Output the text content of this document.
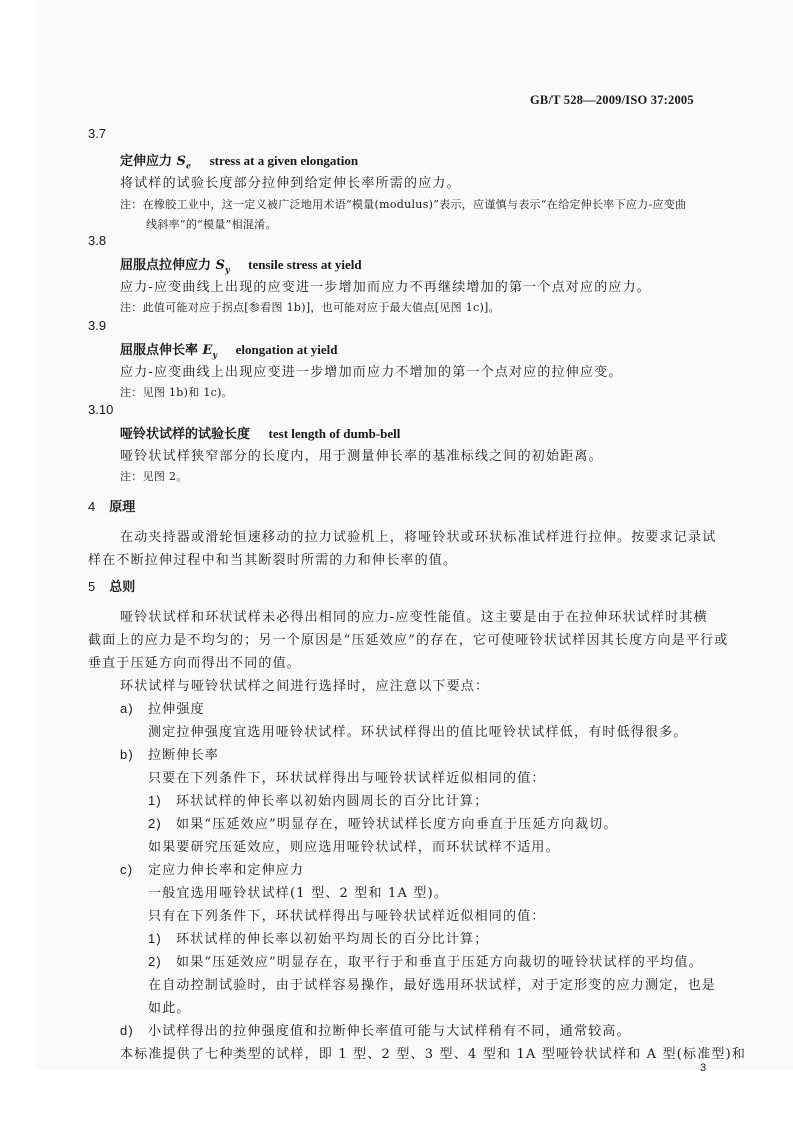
GB/T 528—2009/ISO 37:2005
3.7
定伸应力 $S_e$ stress at a given elongation
将试样的试验长度部分拉伸到给定伸长率所需的应力。
注：在橡胶工业中，这一定义被广泛地用术语“模量(modulus)”表示，应谨慎与表示“在给定伸长率下应力-应变曲
线斜率”的“模量”相混淆。
3.8
屈服点拉伸应力 $S_y$ tensile stress at yield
应力-应变曲线上出现的应变进一步增加而应力不再继续增加的第一个点对应的应力。
注：此值可能对应于拐点[参看图 1b)]，也可能对应于最大值点[见图 1c)]。
3.9
屈服点伸长率 $E_y$ elongation at yield
应力-应变曲线上出现应变进一步增加而应力不增加的第一个点对应的拉伸应变。
注：见图 1b)和 1c)。
3.10
哑铃状试样的试验长度 test length of dumb-bell
哑铃状试样狭窄部分的长度内，用于测量伸长率的基准标线之间的初始距离。
注：见图 2。
4 原理
在动夹持器或滑轮恒速移动的拉力试验机上，将哑铃状或环状标准试样进行拉伸。按要求记录试
样在不断拉伸过程中和当其断裂时所需的力和伸长率的值。
5 总则
哑铃状试样和环状试样未必得出相同的应力-应变性能值。这主要是由于在拉伸环状试样时其横
截面上的应力是不均匀的；另一个原因是“压延效应”的存在，它可使哑铃状试样因其长度方向是平行或
垂直于压延方向而得出不同的值。
环状试样与哑铃状试样之间进行选择时，应注意以下要点：
a) 拉伸强度
测定拉伸强度宜选用哑铃状试样。环状试样得出的值比哑铃状试样低，有时低得很多。
b) 拉断伸长率
只要在下列条件下，环状试样得出与哑铃状试样近似相同的值：
1) 环状试样的伸长率以初始内圆周长的百分比计算；
2) 如果“压延效应”明显存在，哑铃状试样长度方向垂直于压延方向裁切。
如果要研究压延效应，则应选用哑铃状试样，而环状试样不适用。
c) 定应力伸长率和定伸应力
一般宜选用哑铃状试样(1 型、2 型和 1A 型)。
只有在下列条件下，环状试样得出与哑铃状试样近似相同的值：
1) 环状试样的伸长率以初始平均周长的百分比计算；
2) 如果“压延效应”明显存在，取平行于和垂直于压延方向裁切的哑铃状试样的平均值。
在自动控制试验时，由于试样容易操作，最好选用环状试样，对于定形变的应力测定，也是
如此。
d) 小试样得出的拉伸强度值和拉断伸长率值可能与大试样稍有不同，通常较高。
本标准提供了七种类型的试样，即 1 型、2 型、3 型、4 型和 1A 型哑铃状试样和 A 型(标准型)和
3
